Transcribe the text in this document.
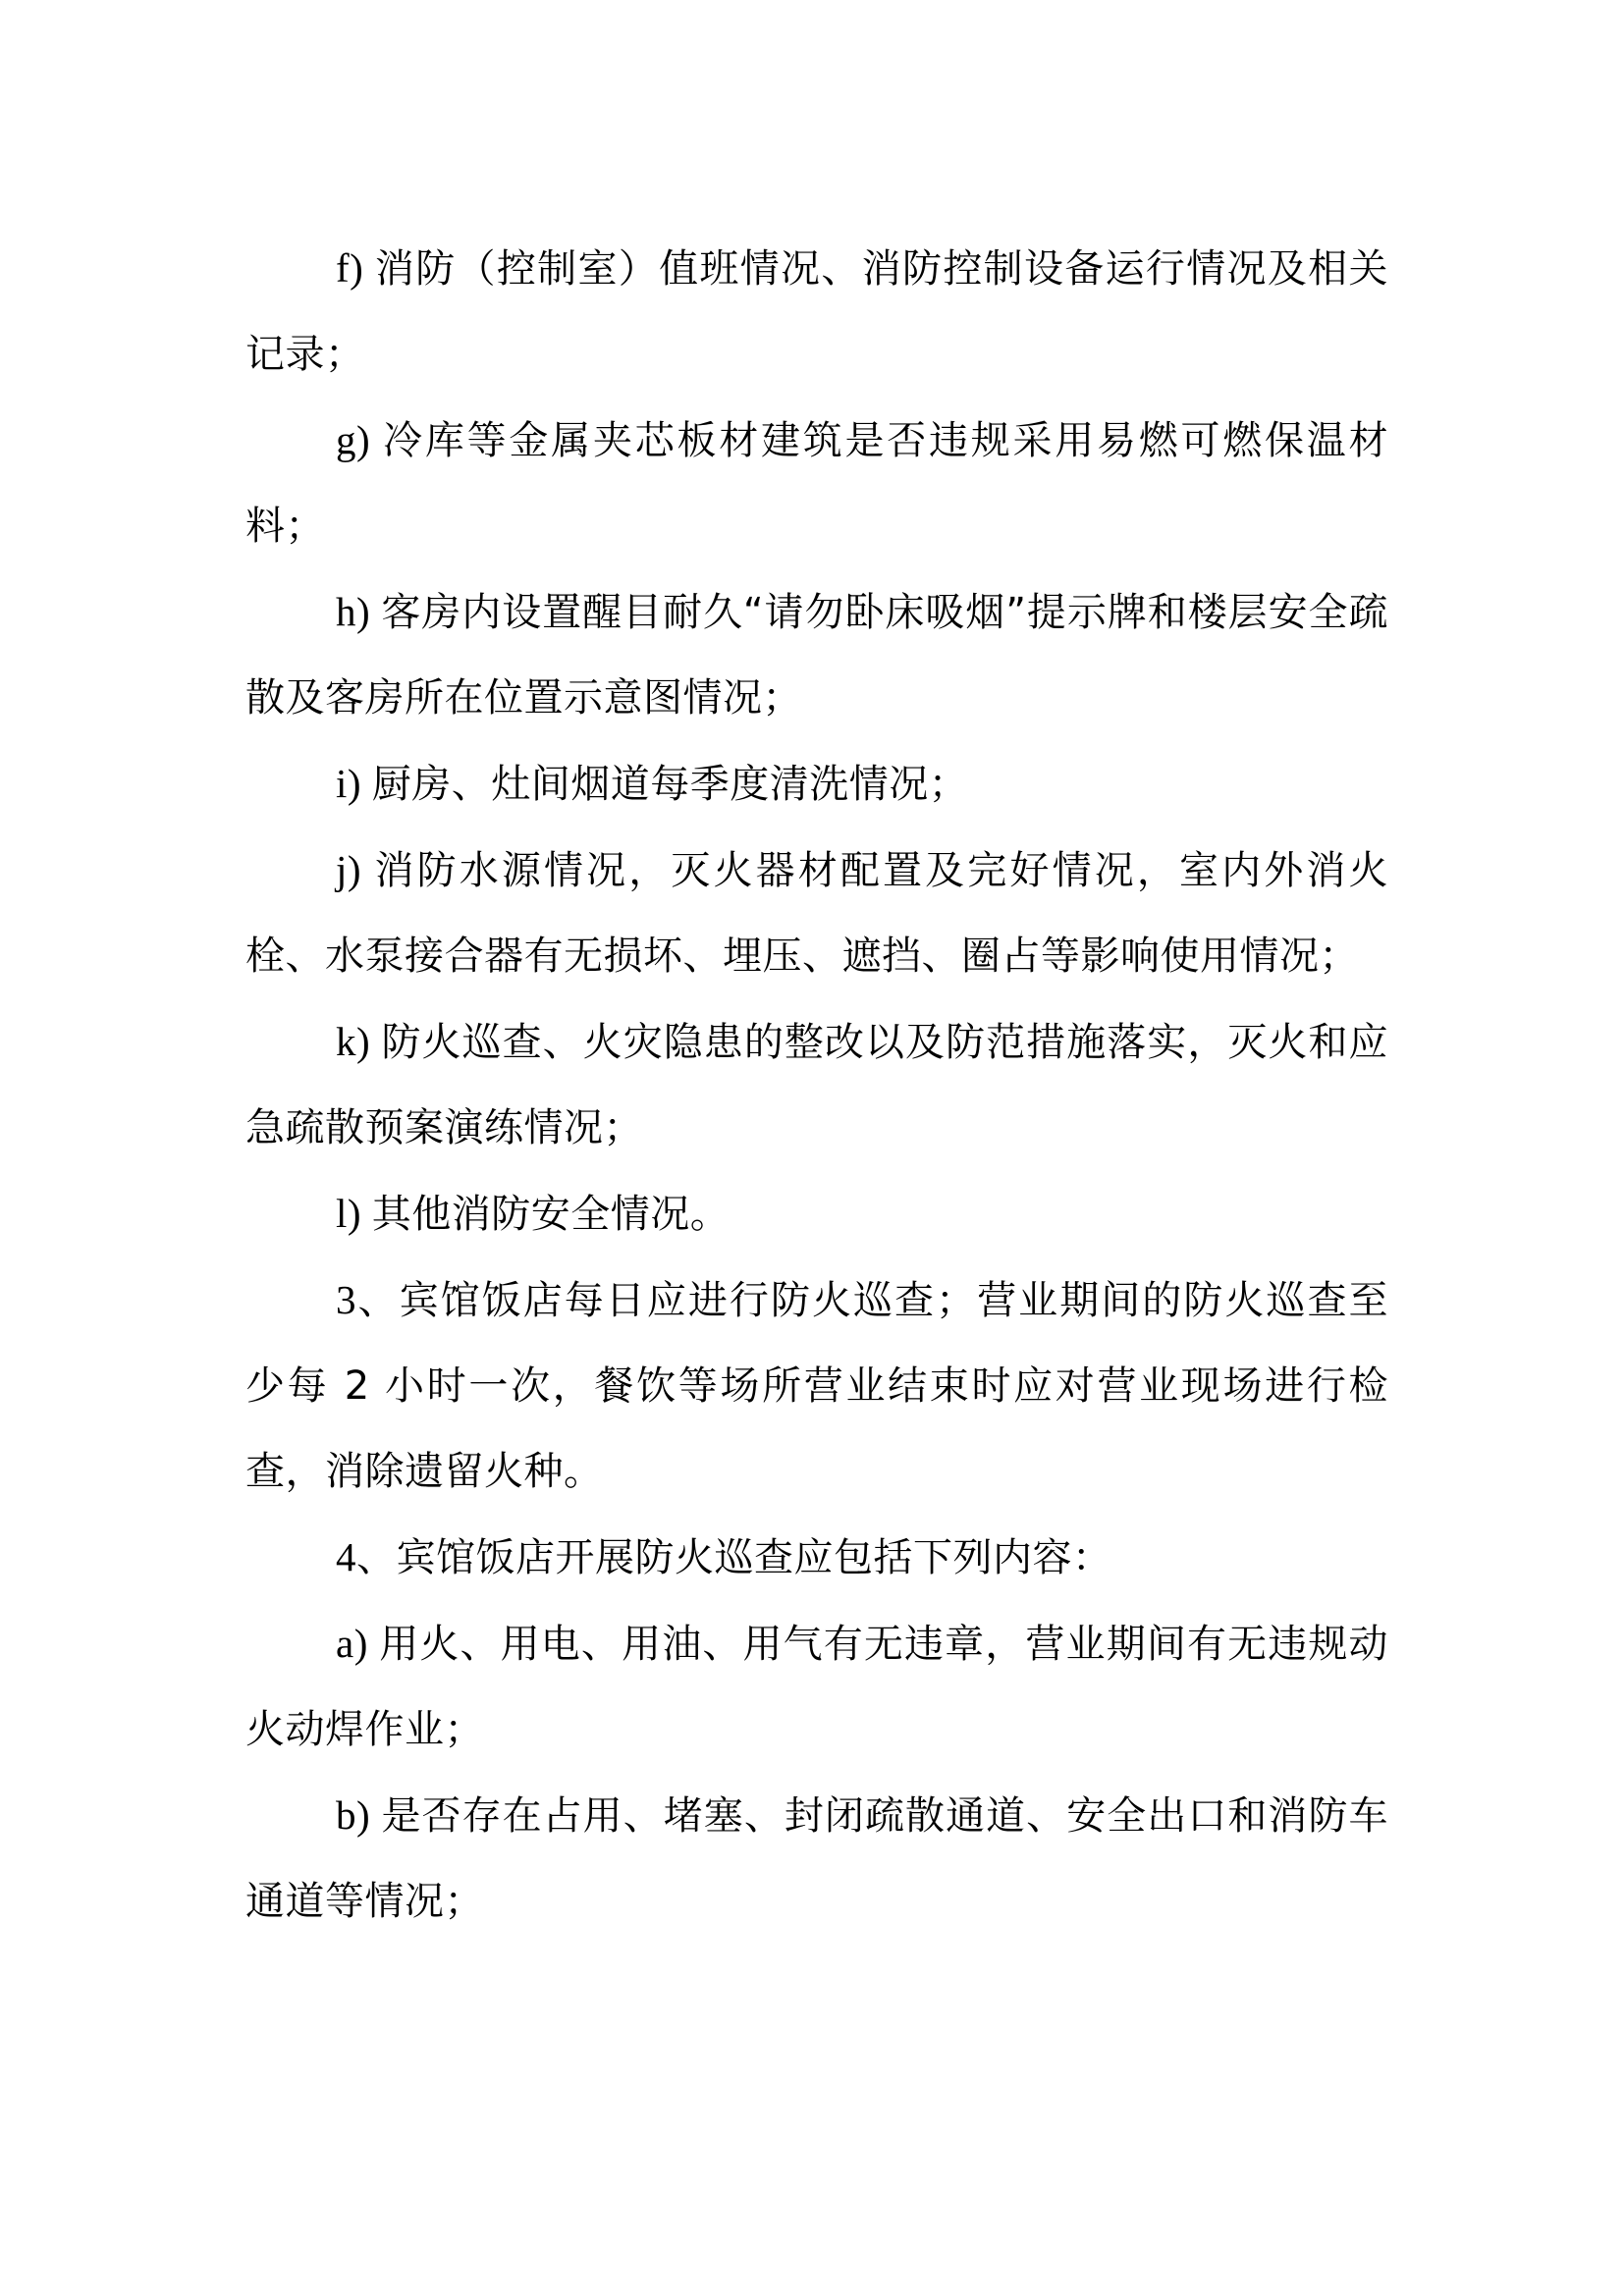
f) 消防（控制室）值班情况、消防控制设备运行情况及相关记录；

g) 冷库等金属夹芯板材建筑是否违规采用易燃可燃保温材料；

h) 客房内设置醒目耐久“请勿卧床吸烟”提示牌和楼层安全疏散及客房所在位置示意图情况；

i) 厨房、灶间烟道每季度清洗情况；

j) 消防水源情况，灭火器材配置及完好情况，室内外消火栓、水泵接合器有无损坏、埋压、遮挡、圈占等影响使用情况；

k) 防火巡查、火灾隐患的整改以及防范措施落实，灭火和应急疏散预案演练情况；

l) 其他消防安全情况。

3、宾馆饭店每日应进行防火巡查；营业期间的防火巡查至少每 2 小时一次，餐饮等场所营业结束时应对营业现场进行检查，消除遗留火种。

4、宾馆饭店开展防火巡查应包括下列内容：

a) 用火、用电、用油、用气有无违章，营业期间有无违规动火动焊作业；

b) 是否存在占用、堵塞、封闭疏散通道、安全出口和消防车通道等情况；
